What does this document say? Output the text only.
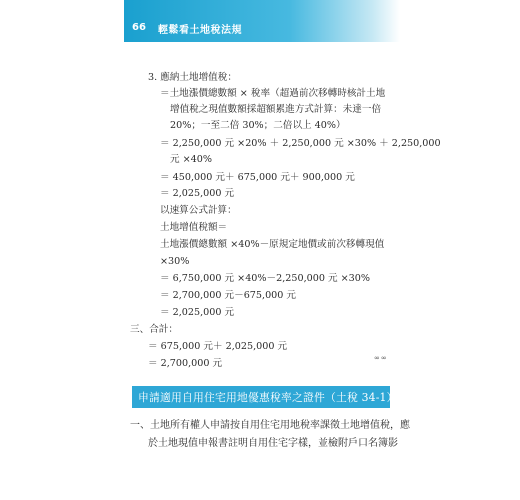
66 輕鬆看土地稅法規
3. 應納土地增值稅：
＝土地漲價總數額 × 稅率（超過前次移轉時核計土地
增值稅之現值數額採超額累進方式計算：未達一倍
20%；一至二倍 30%；二倍以上 40%）
＝ 2,250,000 元 ×20% ＋ 2,250,000 元 ×30% ＋ 2,250,000
元 ×40%
＝ 450,000 元＋ 675,000 元＋ 900,000 元
＝ 2,025,000 元
以速算公式計算：
土地增值稅額＝
土地漲價總數額 ×40%－原規定地價或前次移轉現值
×30%
＝ 6,750,000 元 ×40%－2,250,000 元 ×30%
＝ 2,700,000 元－675,000 元
＝ 2,025,000 元
三、合計：
＝ 675,000 元＋ 2,025,000 元
＝ 2,700,000 元	∞∞
申請適用自用住宅用地優惠稅率之證件（土稅 34-1）
一、土地所有權人申請按自用住宅用地稅率課徵土地增值稅，應
於土地現值申報書註明自用住宅字樣，並檢附戶口名簿影
